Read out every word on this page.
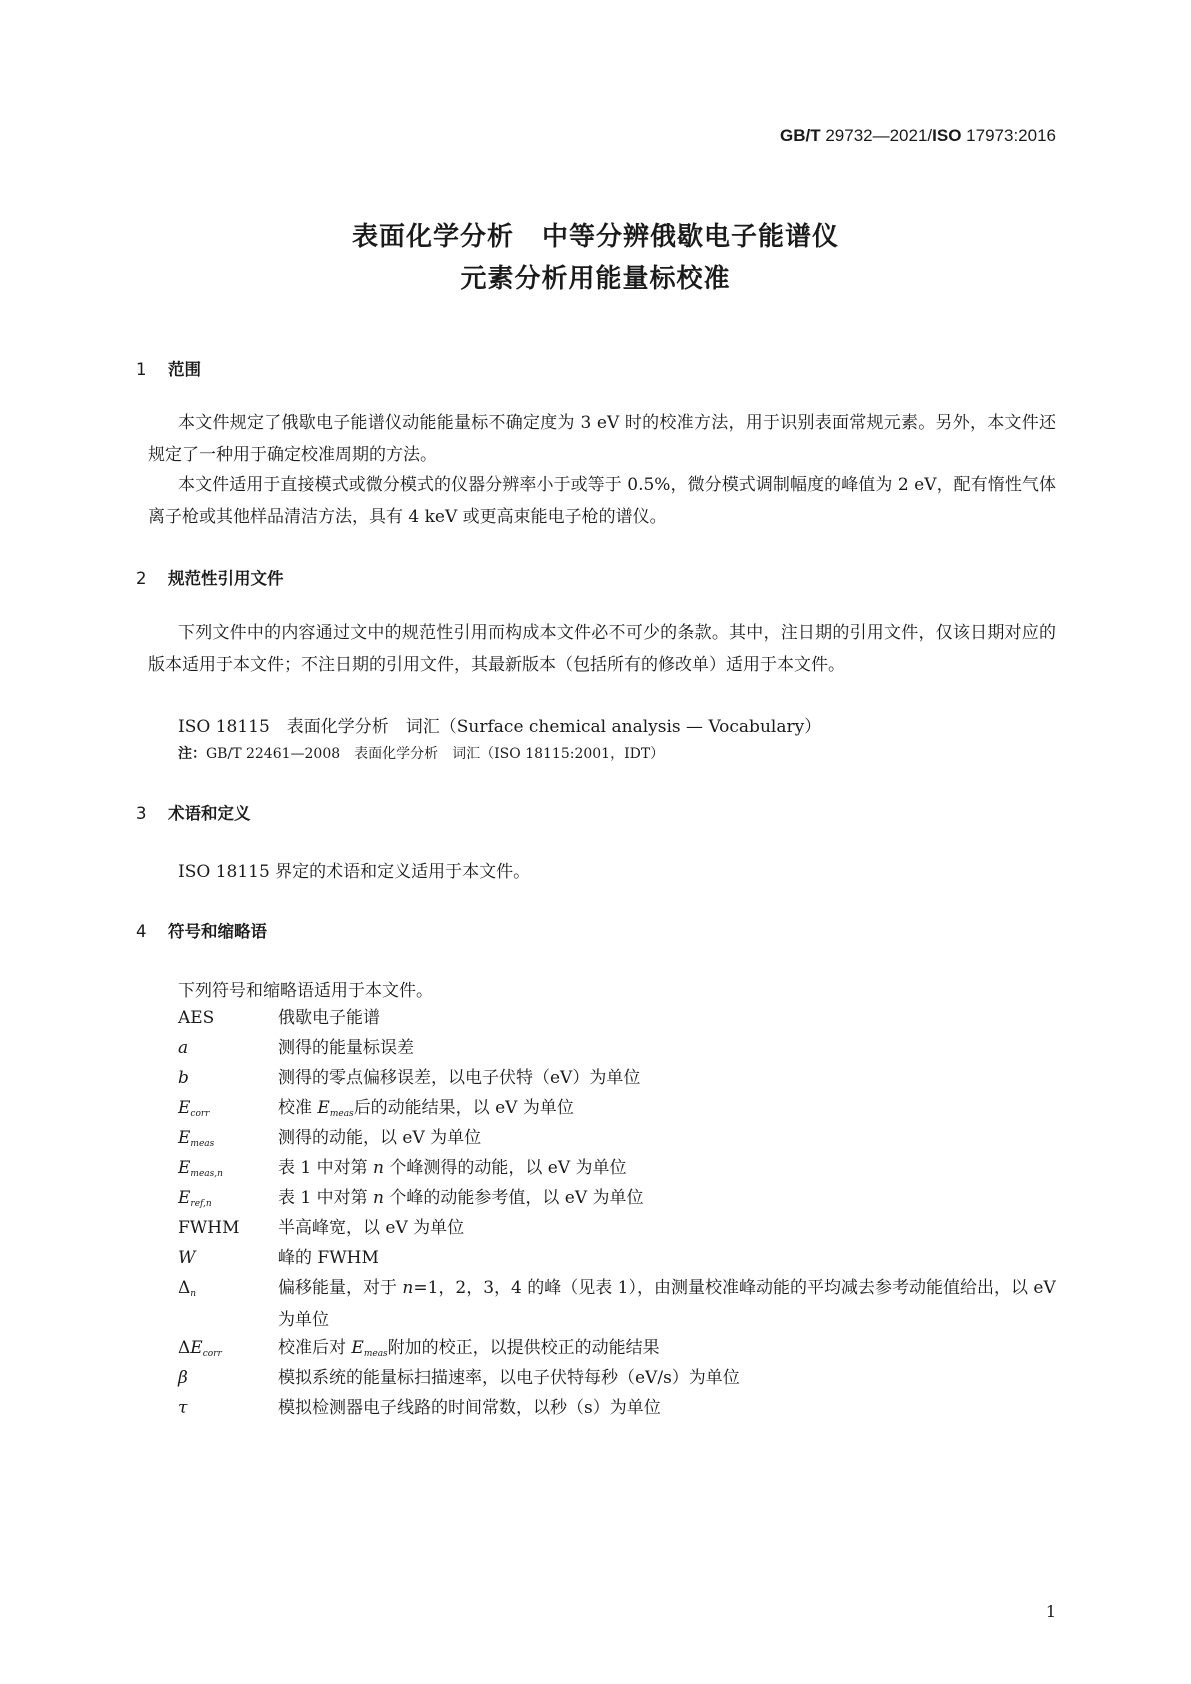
GB/T 29732—2021/ISO 17973:2016
表面化学分析 中等分辨俄歇电子能谱仪
元素分析用能量标校准
1 范围
本文件规定了俄歇电子能谱仪动能能量标不确定度为 3 eV 时的校准方法，用于识别表面常规元素。另外，本文件还规定了一种用于确定校准周期的方法。
本文件适用于直接模式或微分模式的仪器分辨率小于或等于 0.5%，微分模式调制幅度的峰值为 2 eV，配有惰性气体离子枪或其他样品清洁方法，具有 4 keV 或更高束能电子枪的谱仪。
2 规范性引用文件
下列文件中的内容通过文中的规范性引用而构成本文件必不可少的条款。其中，注日期的引用文件，仅该日期对应的版本适用于本文件；不注日期的引用文件，其最新版本（包括所有的修改单）适用于本文件。
ISO 18115　表面化学分析　词汇（Surface chemical analysis — Vocabulary）
注：GB/T 22461—2008　表面化学分析　词汇（ISO 18115:2001，IDT）
3 术语和定义
ISO 18115 界定的术语和定义适用于本文件。
4 符号和缩略语
下列符号和缩略语适用于本文件。
AES	俄歇电子能谱
a	测得的能量标误差
b	测得的零点偏移误差，以电子伏特（eV）为单位
$E_{corr}$	校准 $E_{meas}$后的动能结果，以 eV 为单位
$E_{meas}$	测得的动能，以 eV 为单位
$E_{meas,n}$	表 1 中对第 n 个峰测得的动能，以 eV 为单位
$E_{ref,n}$	表 1 中对第 n 个峰的动能参考值，以 eV 为单位
FWHM 半高峰宽，以 eV 为单位
W	峰的 FWHM
$\Delta_n$	偏移能量，对于 n=1，2，3，4 的峰（见表 1），由测量校准峰动能的平均减去参考动能值给出，以 eV 为单位
$\Delta E_{corr}$	校准后对 $E_{meas}$附加的校正，以提供校正的动能结果
β	模拟系统的能量标扫描速率，以电子伏特每秒（eV/s）为单位
τ	模拟检测器电子线路的时间常数，以秒（s）为单位
1
